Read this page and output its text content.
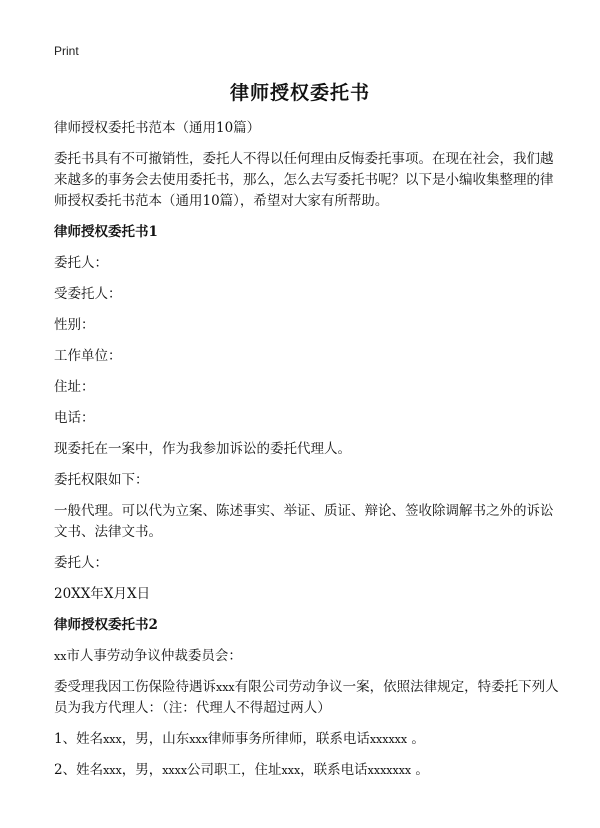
Print
律师授权委托书

律师授权委托书范本（通用10篇）

委托书具有不可撤销性，委托人不得以任何理由反悔委托事项。在现在社会，我们越来越多的事务会去使用委托书，那么，怎么去写委托书呢？以下是小编收集整理的律师授权委托书范本（通用10篇），希望对大家有所帮助。

律师授权委托书1

委托人：

受委托人：

性别：

工作单位：

住址：

电话：

现委托在一案中，作为我参加诉讼的委托代理人。

委托权限如下：

一般代理。可以代为立案、陈述事实、举证、质证、辩论、签收除调解书之外的诉讼文书、法律文书。

委托人：

20XX年X月X日

律师授权委托书2

xx市人事劳动争议仲裁委员会：

委受理我因工伤保险待遇诉xxx有限公司劳动争议一案，依照法律规定，特委托下列人员为我方代理人：（注：代理人不得超过两人）

1、姓名xxx，男，山东xxx律师事务所律师，联系电话xxxxxx 。

2、姓名xxx，男，xxxx公司职工，住址xxx，联系电话xxxxxxx 。
